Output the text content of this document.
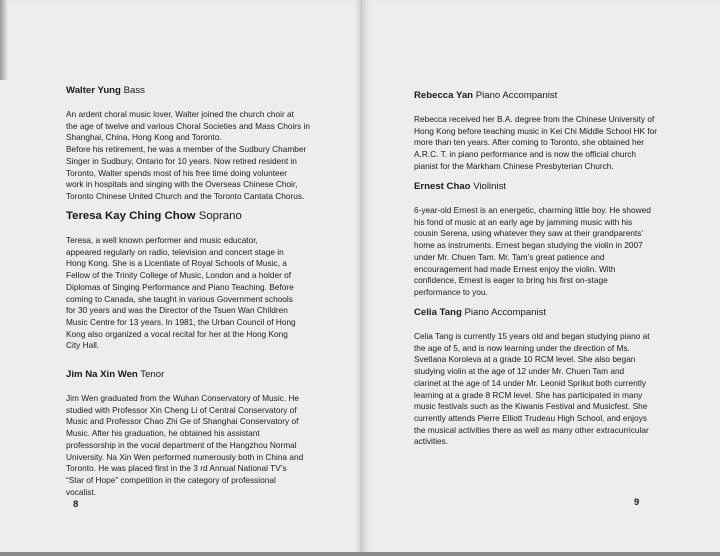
Walter Yung Bass

An ardent choral music lover, Walter joined the church choir at
the age of twelve and various Choral Societies and Mass Choirs in
Shanghai, China, Hong Kong and Toronto.
Before his retirement, he was a member of the Sudbury Chamber
Singer in Sudbury, Ontario for 10 years. Now retired resident in
Toronto, Walter spends most of his free time doing volunteer
work in hospitals and singing with the Overseas Chinese Choir,
Toronto Chinese United Church and the Toronto Cantata Chorus.

Teresa Kay Ching Chow Soprano

Teresa, a well known performer and music educator,
appeared regularly on radio, television and concert stage in
Hong Kong. She is a Licentiate of Royal Schools of Music, a
Fellow of the Trinity College of Music, London and a holder of
Diplomas of Singing Performance and Piano Teaching. Before
coming to Canada, she taught in various Government schools
for 30 years and was the Director of the Tsuen Wan Children
Music Centre for 13 years. In 1981, the Urban Council of Hong
Kong also organized a vocal recital for her at the Hong Kong
City Hall.

Jim Na Xin Wen Tenor

Jim Wen graduated from the Wuhan Conservatory of Music. He
studied with Professor Xin Cheng Li of Central Conservatory of
Music and Professor Chao Zhi Ge of Shanghai Conservatory of
Music. After his graduation, he obtained his assistant
professorship in the vocal department of the Hangzhou Normal
University. Na Xin Wen performed numerously both in China and
Toronto. He was placed first in the 3 rd Annual National TV’s
“Star of Hope” competition in the category of professional
vocalist.

8
Rebecca Yan Piano Accompanist

Rebecca received her B.A. degree from the Chinese University of
Hong Kong before teaching music in Kei Chi Middle School HK for
more than ten years. After coming to Toronto, she obtained her
A.R.C. T. in piano performance and is now the official church
pianist for the Markham Chinese Presbyterian Church.

Ernest Chao Violinist

6-year-old Ernest is an energetic, charming little boy. He showed
his fond of music at an early age by jamming music with his
cousin Serena, using whatever they saw at their grandparents’
home as instruments. Ernest began studying the violin in 2007
under Mr. Chuen Tam. Mr. Tam’s great patience and
encouragement had made Ernest enjoy the violin. With
confidence, Ernest is eager to bring his first on-stage
performance to you.

Celia Tang Piano Accompanist

Celia Tang is currently 15 years old and began studying piano at
the age of 5, and is now learning under the direction of Ms.
Svetlana Koroleva at a grade 10 RCM level. She also began
studying violin at the age of 12 under Mr. Chuen Tam and
clarinet at the age of 14 under Mr. Leonid Sprikut both currently
learning at a grade 8 RCM level. She has participated in many
music festivals such as the Kiwanis Festival and Musicfest. She
currently attends Pierre Elliott Trudeau High School, and enjoys
the musical activities there as well as many other extracurricular
activities.

9
